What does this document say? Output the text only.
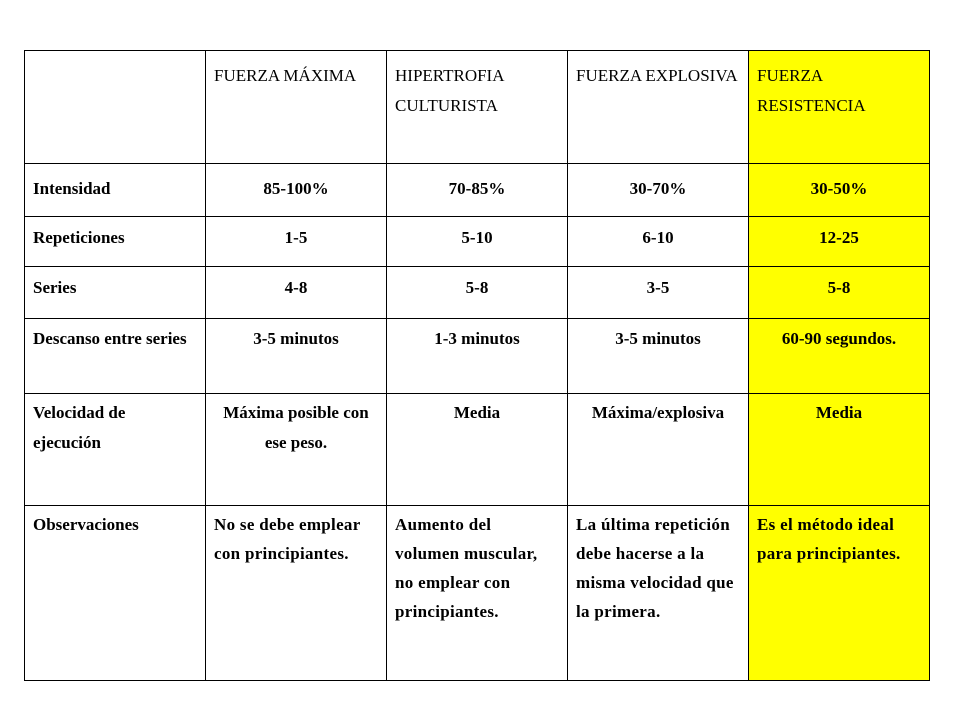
	FUERZA MÁXIMA	HIPERTROFIA CULTURISTA	FUERZA EXPLOSIVA	FUERZA RESISTENCIA

Intensidad	85-100%	70-85%	30-70%	30-50%
Repeticiones	1-5	5-10	6-10	12-25
Series	4-8	5-8	3-5	5-8
Descanso entre series	3-5 minutos	1-3 minutos	3-5 minutos	60-90 segundos.
Velocidad de ejecución	Máxima posible con ese peso.	Media	Máxima/explosiva	Media
Observaciones	No se debe emplear con principiantes.	Aumento del volumen muscular, no emplear con principiantes.	La última repetición debe hacerse a la misma velocidad que la primera.	Es el método ideal para principiantes.
